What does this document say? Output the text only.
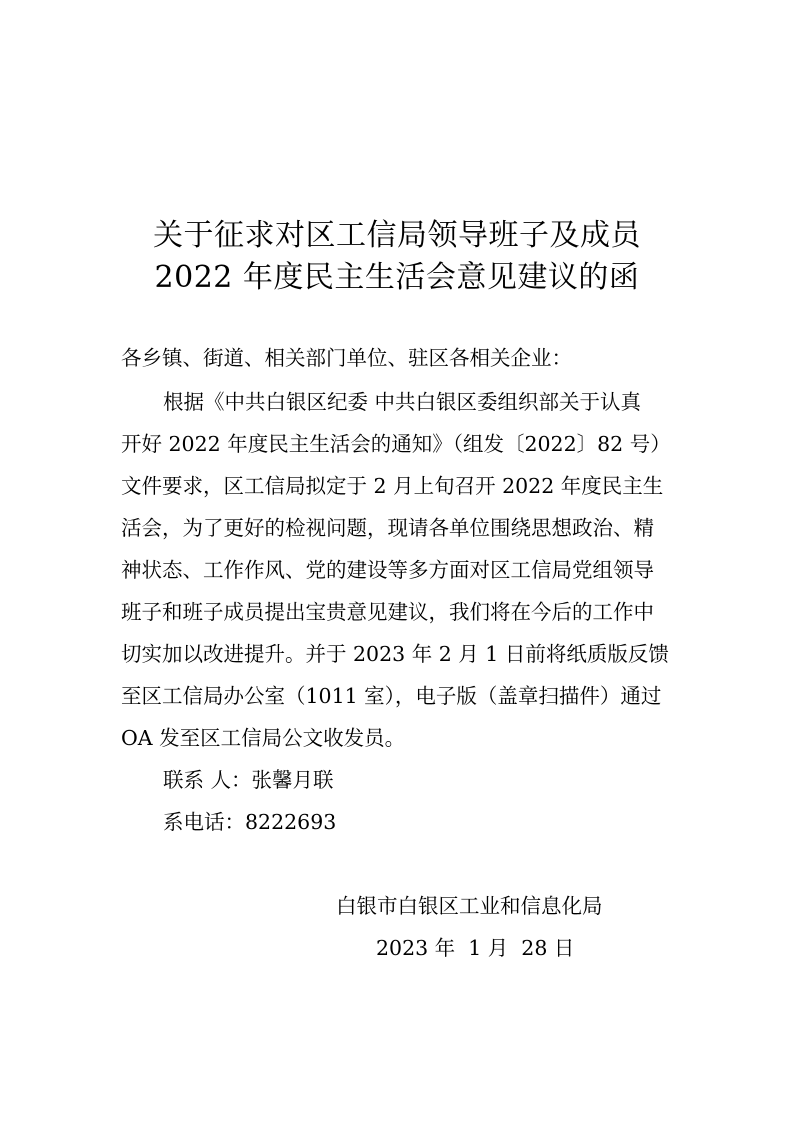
关于征求对区工信局领导班子及成员
2022 年度民主生活会意见建议的函
各乡镇、街道、相关部门单位、驻区各相关企业：
根据《中共白银区纪委 中共白银区委组织部关于认真
开好 2022 年度民主生活会的通知》（组发〔2022〕82 号）
文件要求，区工信局拟定于 2 月上旬召开 2022 年度民主生
活会，为了更好的检视问题，现请各单位围绕思想政治、精
神状态、工作作风、党的建设等多方面对区工信局党组领导
班子和班子成员提出宝贵意见建议，我们将在今后的工作中
切实加以改进提升。并于 2023 年 2 月 1 日前将纸质版反馈
至区工信局办公室（1011 室），电子版（盖章扫描件）通过
OA 发至区工信局公文收发员。
联系 人：张馨月联
系电话：8222693
白银市白银区工业和信息化局
2023 年  1 月  28 日
